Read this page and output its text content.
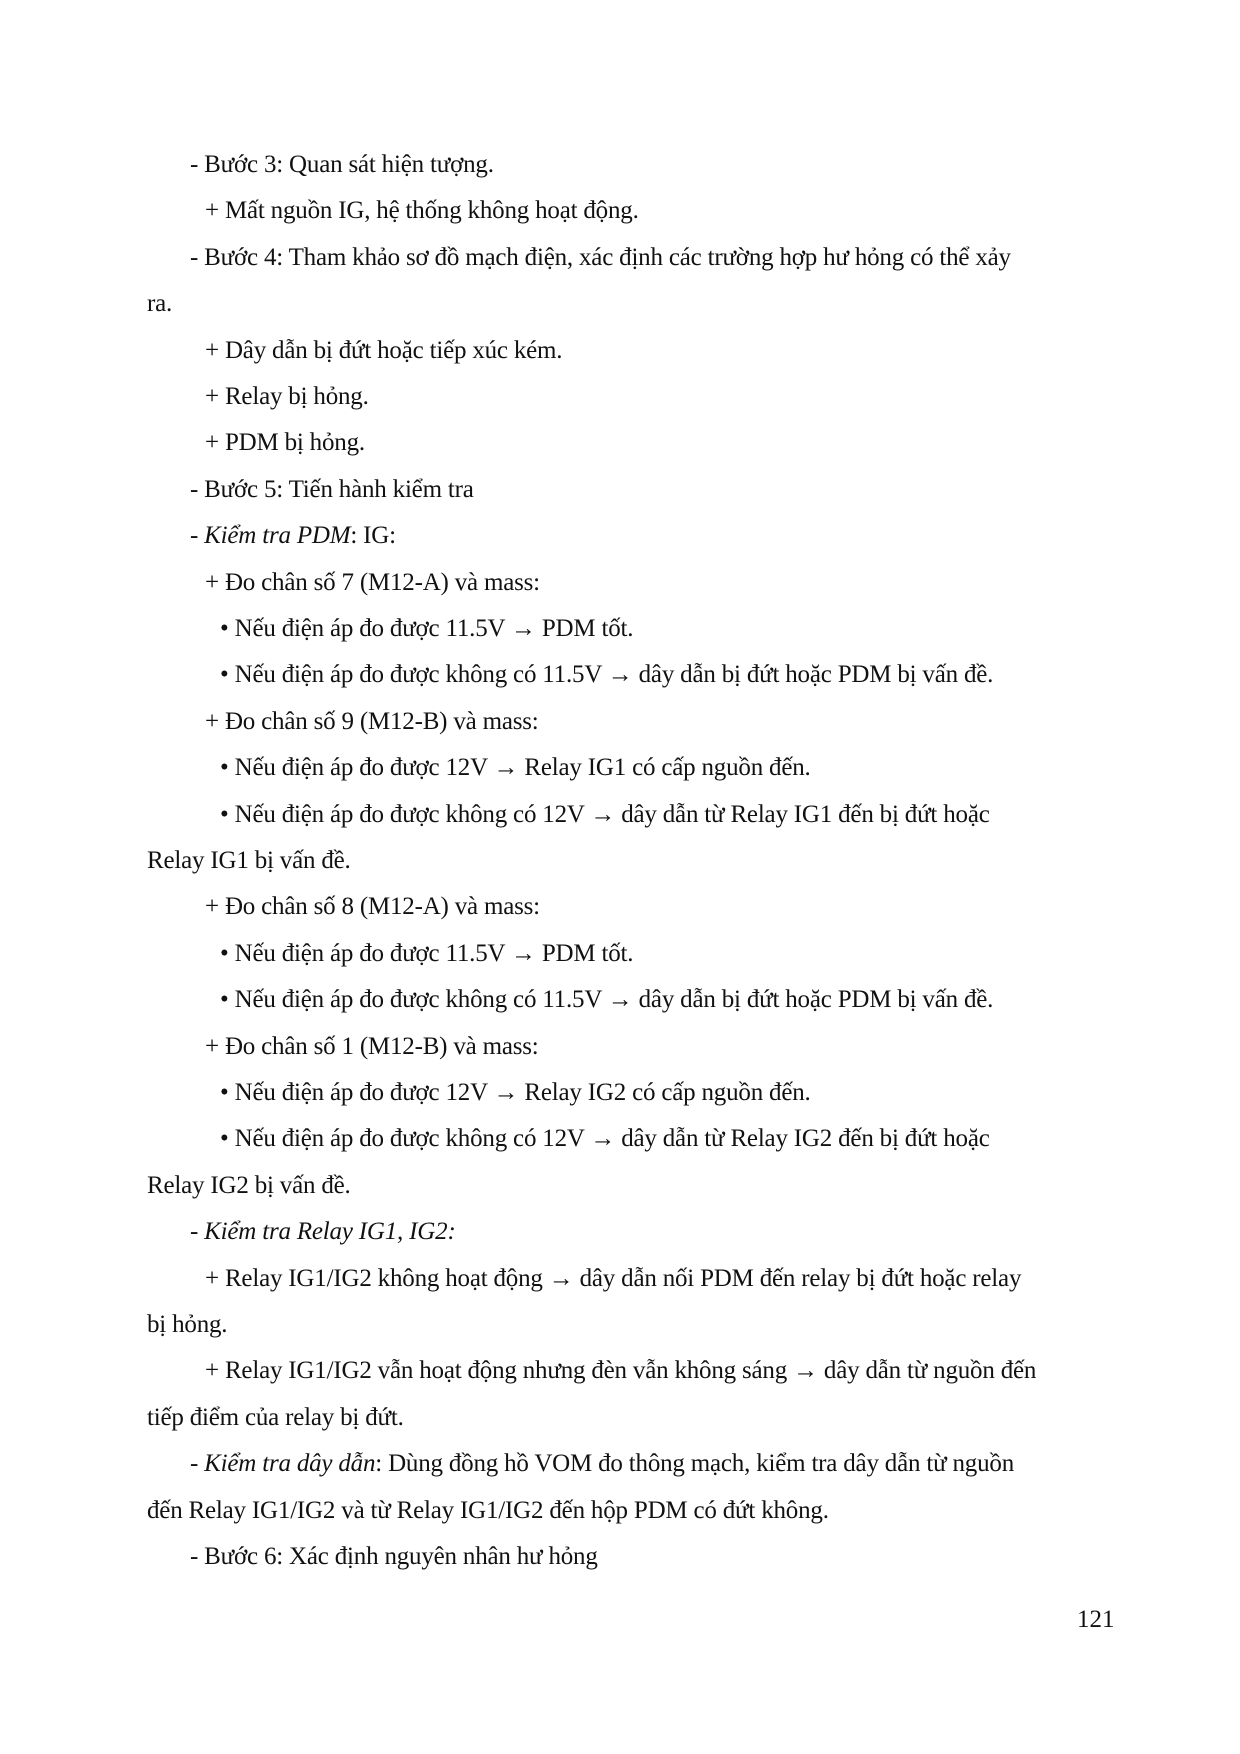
- Bước 3: Quan sát hiện tượng.
+ Mất nguồn IG, hệ thống không hoạt động.
- Bước 4: Tham khảo sơ đồ mạch điện, xác định các trường hợp hư hỏng có thể xảy
ra.
+ Dây dẫn bị đứt hoặc tiếp xúc kém.
+ Relay bị hỏng.
+ PDM bị hỏng.
- Bước 5: Tiến hành kiểm tra
- Kiểm tra PDM: IG:
+ Đo chân số 7 (M12-A) và mass:
• Nếu điện áp đo được 11.5V → PDM tốt.
• Nếu điện áp đo được không có 11.5V → dây dẫn bị đứt hoặc PDM bị vấn đề.
+ Đo chân số 9 (M12-B) và mass:
• Nếu điện áp đo được 12V → Relay IG1 có cấp nguồn đến.
• Nếu điện áp đo được không có 12V → dây dẫn từ Relay IG1 đến bị đứt hoặc
Relay IG1 bị vấn đề.
+ Đo chân số 8 (M12-A) và mass:
• Nếu điện áp đo được 11.5V → PDM tốt.
• Nếu điện áp đo được không có 11.5V → dây dẫn bị đứt hoặc PDM bị vấn đề.
+ Đo chân số 1 (M12-B) và mass:
• Nếu điện áp đo được 12V → Relay IG2 có cấp nguồn đến.
• Nếu điện áp đo được không có 12V → dây dẫn từ Relay IG2 đến bị đứt hoặc
Relay IG2 bị vấn đề.
- Kiểm tra Relay IG1, IG2:
+ Relay IG1/IG2 không hoạt động → dây dẫn nối PDM đến relay bị đứt hoặc relay
bị hỏng.
+ Relay IG1/IG2 vẫn hoạt động nhưng đèn vẫn không sáng → dây dẫn từ nguồn đến
tiếp điểm của relay bị đứt.
- Kiểm tra dây dẫn: Dùng đồng hồ VOM đo thông mạch, kiểm tra dây dẫn từ nguồn
đến Relay IG1/IG2 và từ Relay IG1/IG2 đến hộp PDM có đứt không.
- Bước 6: Xác định nguyên nhân hư hỏng
121
